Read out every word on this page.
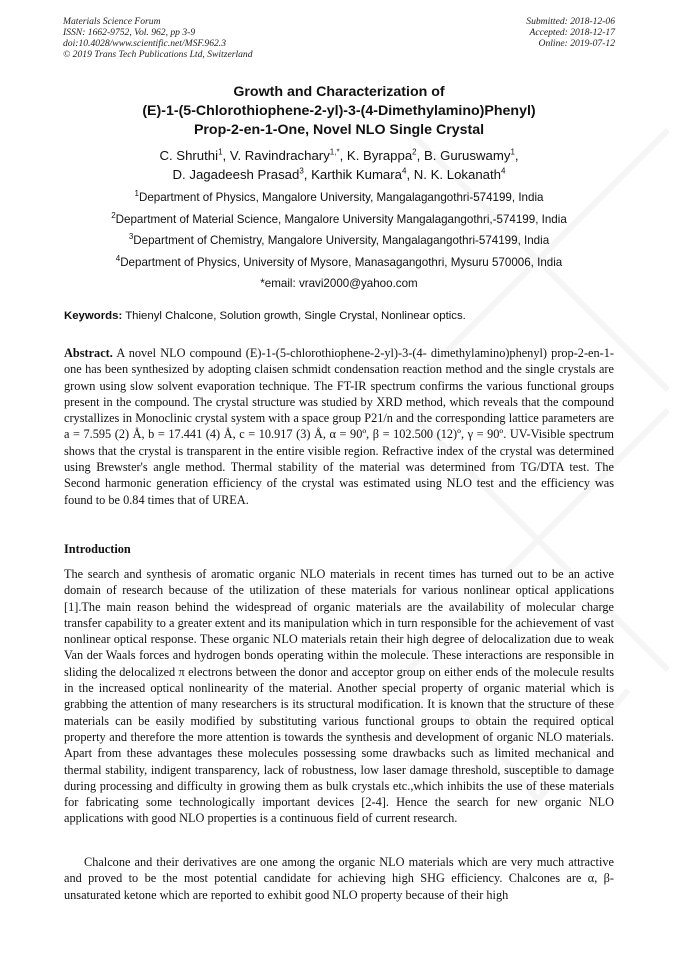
Materials Science Forum
ISSN: 1662-9752, Vol. 962, pp 3-9
doi:10.4028/www.scientific.net/MSF.962.3
© 2019 Trans Tech Publications Ltd, Switzerland
Submitted: 2018-12-06
Accepted: 2018-12-17
Online: 2019-07-12
Growth and Characterization of
(E)-1-(5-Chlorothiophene-2-yl)-3-(4-Dimethylamino)Phenyl)
Prop-2-en-1-One, Novel NLO Single Crystal
C. Shruthi$^1$, V. Ravindrachary$^{1,*}$, K. Byrappa$^2$, B. Guruswamy$^1$,
D. Jagadeesh Prasad$^3$, Karthik Kumara$^4$, N. K. Lokanath$^4$
$^1$Department of Physics, Mangalore University, Mangalagangothri-574199, India
$^2$Department of Material Science, Mangalore University Mangalagangothri,-574199, India
$^3$Department of Chemistry, Mangalore University, Mangalagangothri-574199, India
$^4$Department of Physics, University of Mysore, Manasagangothri, Mysuru 570006, India
*email: vravi2000@yahoo.com
Keywords: Thienyl Chalcone, Solution growth, Single Crystal, Nonlinear optics.
Abstract. A novel NLO compound (E)-1-(5-chlorothiophene-2-yl)-3-(4- dimethylamino)phenyl) prop-2-en-1-one has been synthesized by adopting claisen schmidt condensation reaction method and the single crystals are grown using slow solvent evaporation technique. The FT-IR spectrum confirms the various functional groups present in the compound. The crystal structure was studied by XRD method, which reveals that the compound crystallizes in Monoclinic crystal system with a space group P21/n and the corresponding lattice parameters are a = 7.595 (2) Å, b = 17.441 (4) Å, c = 10.917 (3) Å, α = 90º, β = 102.500 (12)º, γ = 90º. UV-Visible spectrum shows that the crystal is transparent in the entire visible region. Refractive index of the crystal was determined using Brewster's angle method. Thermal stability of the material was determined from TG/DTA test. The Second harmonic generation efficiency of the crystal was estimated using NLO test and the efficiency was found to be 0.84 times that of UREA.
Introduction
The search and synthesis of aromatic organic NLO materials in recent times has turned out to be an active domain of research because of the utilization of these materials for various nonlinear optical applications [1].The main reason behind the widespread of organic materials are the availability of molecular charge transfer capability to a greater extent and its manipulation which in turn responsible for the achievement of vast nonlinear optical response. These organic NLO materials retain their high degree of delocalization due to weak Van der Waals forces and hydrogen bonds operating within the molecule. These interactions are responsible in sliding the delocalized π electrons between the donor and acceptor group on either ends of the molecule results in the increased optical nonlinearity of the material. Another special property of organic material which is grabbing the attention of many researchers is its structural modification. It is known that the structure of these materials can be easily modified by substituting various functional groups to obtain the required optical property and therefore the more attention is towards the synthesis and development of organic NLO materials. Apart from these advantages these molecules possessing some drawbacks such as limited mechanical and thermal stability, indigent transparency, lack of robustness, low laser damage threshold, susceptible to damage during processing and difficulty in growing them as bulk crystals etc.,which inhibits the use of these materials for fabricating some technologically important devices [2-4]. Hence the search for new organic NLO applications with good NLO properties is a continuous field of current research.
Chalcone and their derivatives are one among the organic NLO materials which are very much attractive and proved to be the most potential candidate for achieving high SHG efficiency. Chalcones are α, β-unsaturated ketone which are reported to exhibit good NLO property because of their high
